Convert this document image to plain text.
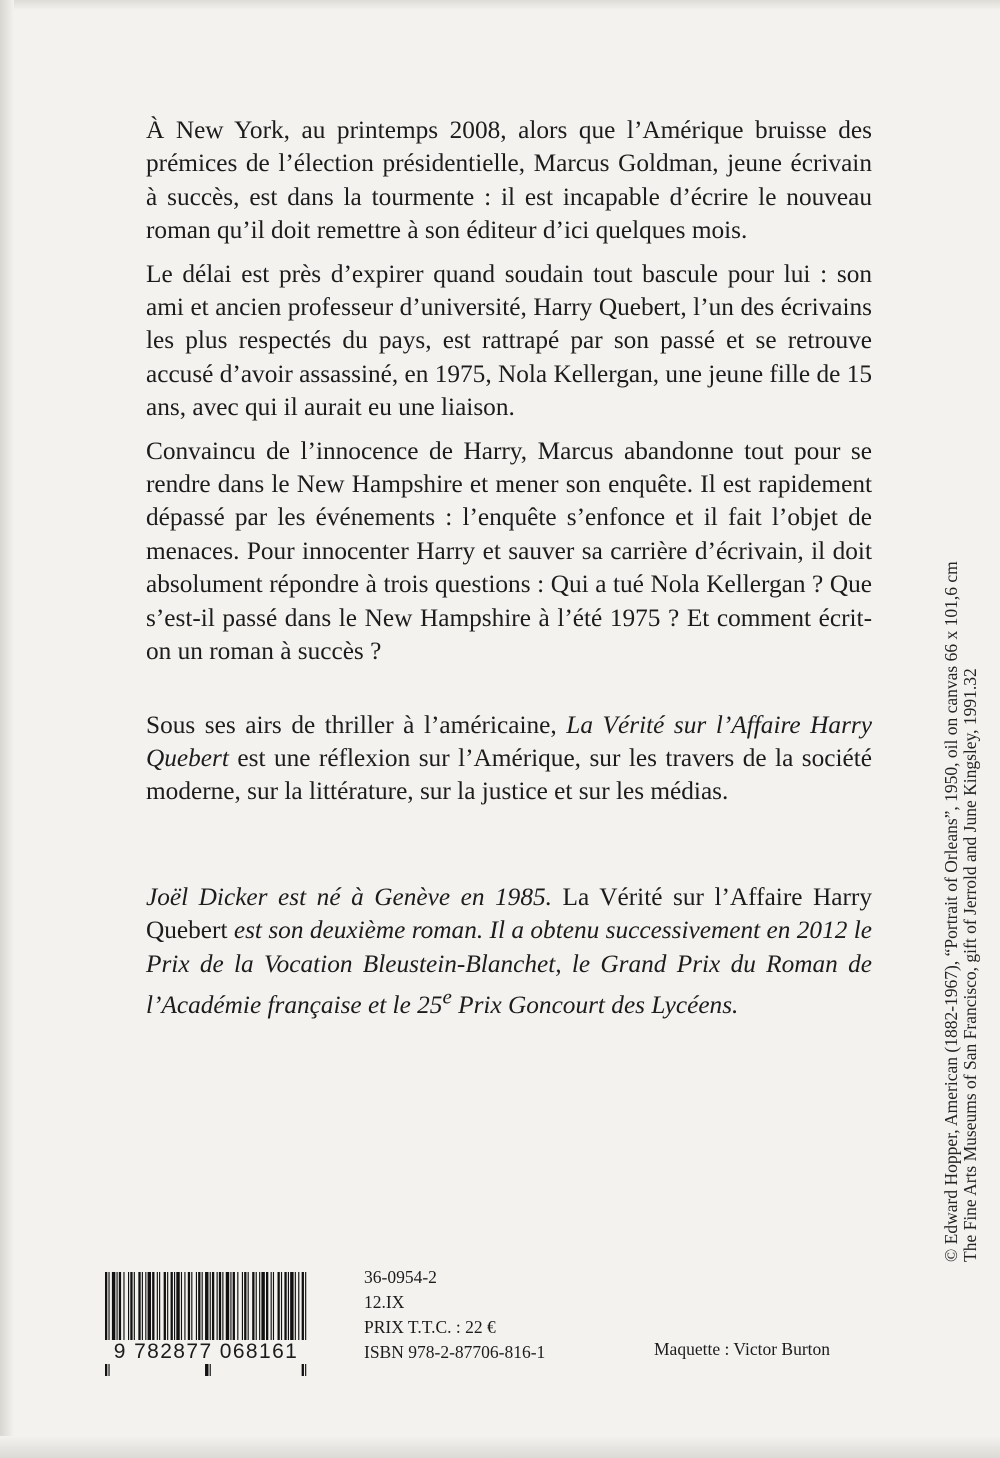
À New York, au printemps 2008, alors que l’Amérique bruisse des prémices de l’élection présidentielle, Marcus Goldman, jeune écrivain à succès, est dans la tourmente : il est incapable d’écrire le nouveau roman qu’il doit remettre à son éditeur d’ici quelques mois.

Le délai est près d’expirer quand soudain tout bascule pour lui : son ami et ancien professeur d’université, Harry Quebert, l’un des écrivains les plus respectés du pays, est rattrapé par son passé et se retrouve accusé d’avoir assassiné, en 1975, Nola Kellergan, une jeune fille de 15 ans, avec qui il aurait eu une liaison.

Convaincu de l’innocence de Harry, Marcus abandonne tout pour se rendre dans le New Hampshire et mener son enquête. Il est rapidement dépassé par les événements : l’enquête s’enfonce et il fait l’objet de menaces. Pour innocenter Harry et sauver sa carrière d’écrivain, il doit absolument répondre à trois questions : Qui a tué Nola Kellergan ? Que s’est-il passé dans le New Hampshire à l’été 1975 ? Et comment écrit-on un roman à succès ?

Sous ses airs de thriller à l’américaine, La Vérité sur l’Affaire Harry Quebert est une réflexion sur l’Amérique, sur les travers de la société moderne, sur la littérature, sur la justice et sur les médias.

Joël Dicker est né à Genève en 1985. La Vérité sur l’Affaire Harry Quebert est son deuxième roman. Il a obtenu successivement en 2012 le Prix de la Vocation Bleustein-Blanchet, le Grand Prix du Roman de l’Académie française et le 25e Prix Goncourt des Lycéens.	© Edward Hopper, American (1882-1967), “Portrait of Orleans”, 1950, oil on canvas 66 x 101,6 cm The Fine Arts Museums of San Francisco, gift of Jerrold and June Kingsley, 1991.32
9 782877 068161
36-0954-2
12.IX
PRIX T.T.C. : 22 €
ISBN 978-2-87706-816-1	Maquette : Victor Burton
